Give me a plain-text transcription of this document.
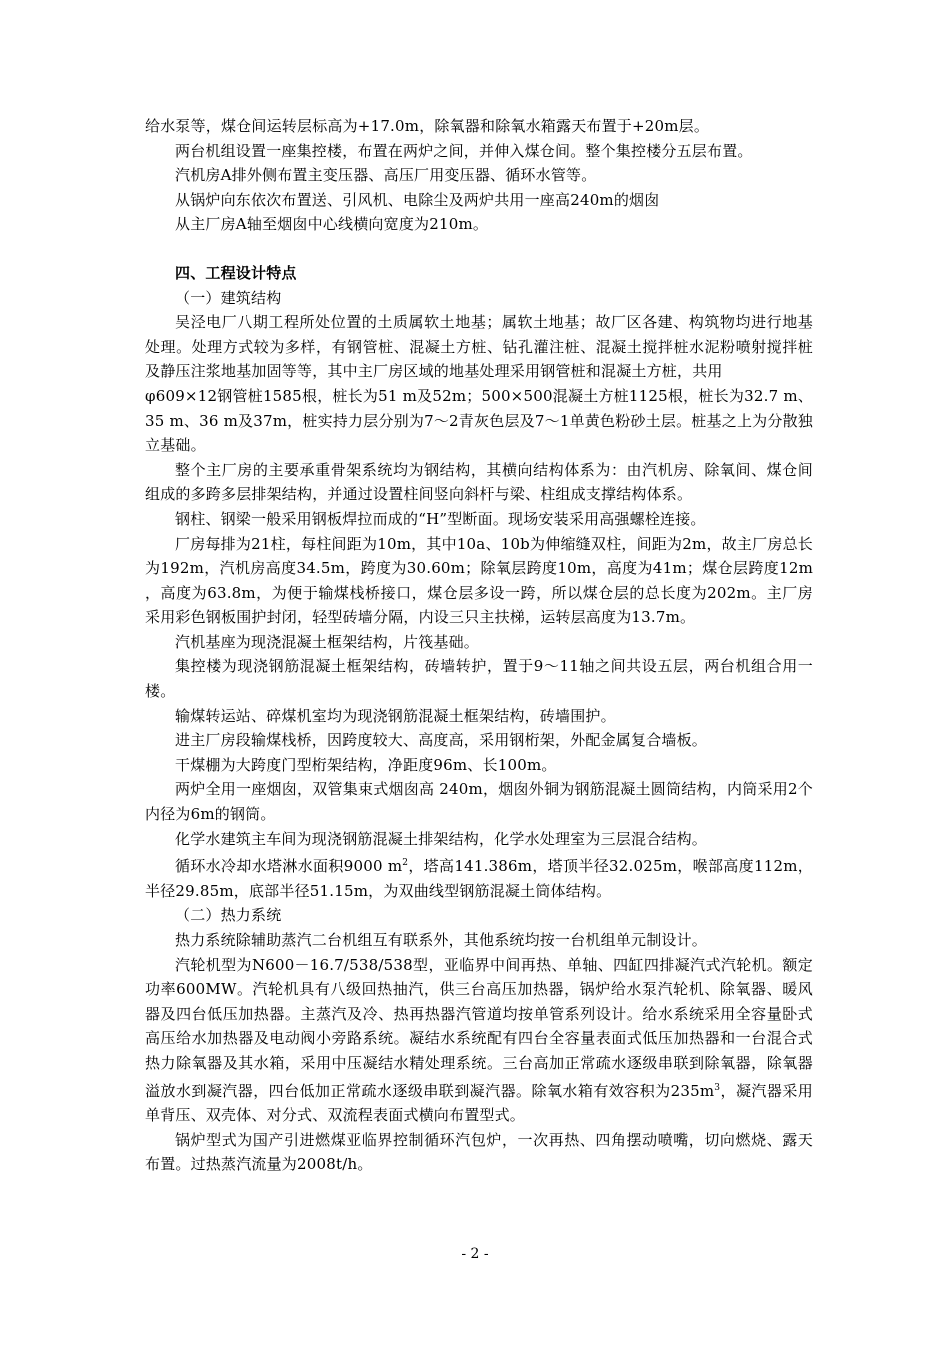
给水泵等，煤仓间运转层标高为+17.0m，除氧器和除氧水箱露天布置于+20m层。

两台机组设置一座集控楼，布置在两炉之间，并伸入煤仓间。整个集控楼分五层布置。

汽机房A排外侧布置主变压器、高压厂用变压器、循环水管等。

从锅炉向东依次布置送、引风机、电除尘及两炉共用一座高240m的烟囱

从主厂房A轴至烟囱中心线横向宽度为210m。

四、工程设计特点

（一）建筑结构

吴泾电厂八期工程所处位置的土质属软土地基；属软土地基；故厂区各建、构筑物均进行地基处理。处理方式较为多样，有钢管桩、混凝土方桩、钻孔灌注桩、混凝土搅拌桩水泥粉喷射搅拌桩及静压注浆地基加固等等，其中主厂房区域的地基处理采用钢管桩和混凝土方桩，共用

φ609×12钢管桩1585根，桩长为51 m及52m；500×500混凝土方桩1125根，桩长为32.7 m、35 m、36 m及37m，桩实持力层分别为7～2青灰色层及7～1单黄色粉砂土层。桩基之上为分散独立基础。

整个主厂房的主要承重骨架系统均为钢结构，其横向结构体系为：由汽机房、除氧间、煤仓间组成的多跨多层排架结构，并通过设置柱间竖向斜杆与梁、柱组成支撑结构体系。

钢柱、钢梁一般采用钢板焊拉而成的“H”型断面。现场安装采用高强螺栓连接。

厂房每排为21柱，每柱间距为10m，其中10a、10b为伸缩缝双柱，间距为2m，故主厂房总长为192m，汽机房高度34.5m，跨度为30.60m；除氧层跨度10m，高度为41m；煤仓层跨度12m ，高度为63.8m，为便于输煤栈桥接口，煤仓层多设一跨，所以煤仓层的总长度为202m。主厂房采用彩色钢板围护封闭，轻型砖墙分隔，内设三只主扶梯，运转层高度为13.7m。

汽机基座为现浇混凝土框架结构，片筏基础。

集控楼为现浇钢筋混凝土框架结构，砖墙转护，置于9～11轴之间共设五层，两台机组合用一楼。

输煤转运站、碎煤机室均为现浇钢筋混凝土框架结构，砖墙围护。

进主厂房段输煤栈桥，因跨度较大、高度高，采用钢桁架，外配金属复合墙板。

干煤棚为大跨度门型桁架结构，净距度96m、长100m。

两炉全用一座烟囱，双管集束式烟囱高 240m，烟囱外铜为钢筋混凝土圆筒结构，内筒采用2个内径为6m的钢筒。

化学水建筑主车间为现浇钢筋混凝土排架结构，化学水处理室为三层混合结构。

循环水冷却水塔淋水面积9000 $m^2$，塔高141.386m，塔顶半径32.025m，喉部高度112m，半径29.85m，底部半径51.15m，为双曲线型钢筋混凝土筒体结构。

（二）热力系统

热力系统除辅助蒸汽二台机组互有联系外，其他系统均按一台机组单元制设计。

汽轮机型为N600－16.7/538/538型，亚临界中间再热、单轴、四缸四排凝汽式汽轮机。额定功率600MW。汽轮机具有八级回热抽汽，供三台高压加热器，锅炉给水泵汽轮机、除氧器、暖风器及四台低压加热器。主蒸汽及冷、热再热器汽管道均按单管系列设计。给水系统采用全容量卧式高压给水加热器及电动阀小旁路系统。凝结水系统配有四台全容量表面式低压加热器和一台混合式热力除氧器及其水箱，采用中压凝结水精处理系统。三台高加正常疏水逐级串联到除氧器，除氧器溢放水到凝汽器，四台低加正常疏水逐级串联到凝汽器。除氧水箱有效容积为$235m^3$，凝汽器采用单背压、双壳体、对分式、双流程表面式横向布置型式。

锅炉型式为国产引进燃煤亚临界控制循环汽包炉，一次再热、四角摆动喷嘴，切向燃烧、露天布置。过热蒸汽流量为2008t/h。

- 2 -
